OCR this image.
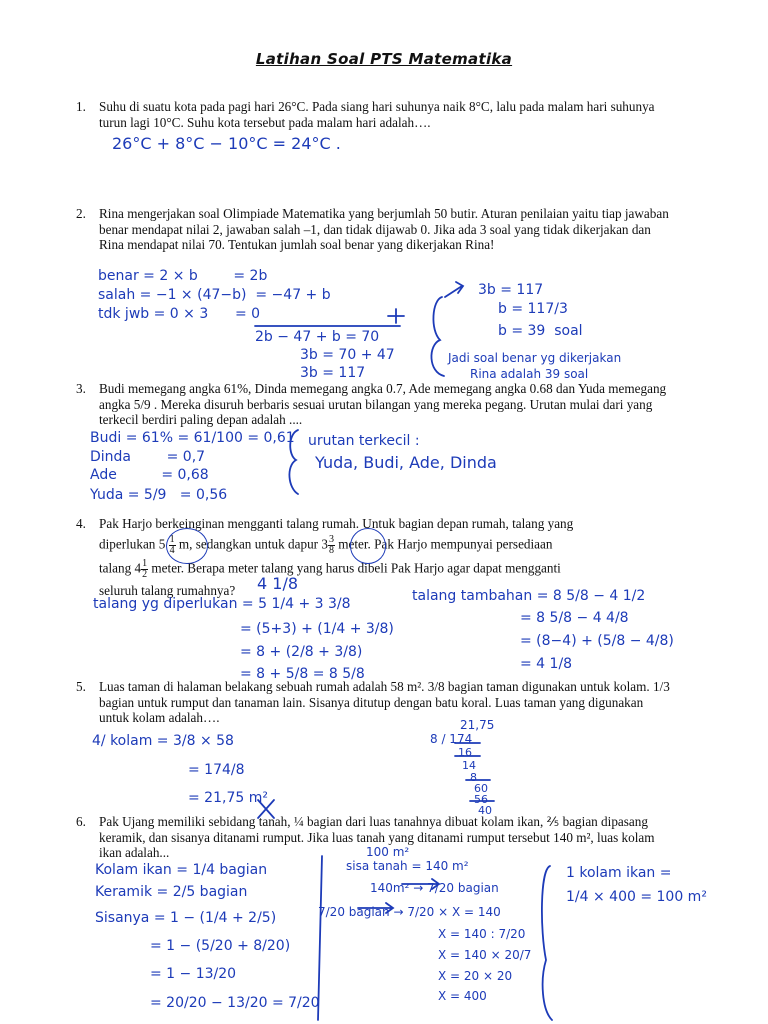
Latihan Soal PTS Matematika
1. Suhu di suatu kota pada pagi hari 26°C. Pada siang hari suhunya naik 8°C, lalu pada malam hari suhunya turun lagi 10°C. Suhu kota tersebut pada malam hari adalah….
26°C + 8°C − 10°C = 24°C .
2. Rina mengerjakan soal Olimpiade Matematika yang berjumlah 50 butir. Aturan penilaian yaitu tiap jawaban benar mendapat nilai 2, jawaban salah –1, dan tidak dijawab 0. Jika ada 3 soal yang tidak dikerjakan dan Rina mendapat nilai 70. Tentukan jumlah soal benar yang dikerjakan Rina!
benar = 2 × b        = 2b
salah = −1 × (47−b)  = −47 + b
tdk jwb = 0 × 3      = 0
2b − 47 + b = 70
3b = 70 + 47
3b = 117
3b = 117
b = 117/3
b = 39  soal
Jadi soal benar yg dikerjakan
Rina adalah 39 soal
3. Budi memegang angka 61%, Dinda memegang angka 0.7, Ade memegang angka 0.68 dan Yuda memegang angka 5/9 . Mereka disuruh berbaris sesuai urutan bilangan yang mereka pegang. Urutan mulai dari yang terkecil berdiri paling depan adalah ....
Budi = 61% = 61/100 = 0,61
Dinda        = 0,7
Ade          = 0,68
Yuda = 5/9   = 0,56
urutan terkecil :
Yuda, Budi, Ade, Dinda
4. Pak Harjo berkeinginan mengganti talang rumah. Untuk bagian depan rumah, talang yang
diperlukan $5 \frac{1}{4} m$, sedangkan untuk dapur $3 \frac{3}{8}$ meter. Pak Harjo mempunyai persediaan
talang $4 \frac{1}{2}$ meter. Berapa meter talang yang harus dibeli Pak Harjo agar dapat mengganti
seluruh talang rumahnya?	4 1/8
talang yg diperlukan = 5 1/4 + 3 3/8
= (5+3) + (1/4 + 3/8)
= 8 + (2/8 + 3/8)
= 8 + 5/8 = 8 5/8
talang tambahan = 8 5/8 − 4 1/2
= 8 5/8 − 4 4/8
= (8−4) + (5/8 − 4/8)
= 4 1/8
5. Luas taman di halaman belakang sebuah rumah adalah 58 m². 3/8 bagian taman digunakan untuk kolam. 1/3 bagian untuk rumput dan tanaman lain. Sisanya ditutup dengan batu koral. Luas taman yang digunakan untuk kolam adalah….
4/ kolam = 3/8 × 58
= 174/8
= 21,75 m²
21,75
8 / 174
16
14
8
60
56
40
6. Pak Ujang memiliki sebidang tanah, ¼ bagian dari luas tanahnya dibuat kolam ikan, ⅖ bagian dipasang keramik, dan sisanya ditanami rumput. Jika luas tanah yang ditanami rumput tersebut 140 m², luas kolam ikan adalah...	100 m²
Kolam ikan = 1/4 bagian
Keramik = 2/5 bagian
Sisanya = 1 − (1/4 + 2/5)
= 1 − (5/20 + 8/20)
= 1 − 13/20
= 20/20 − 13/20 = 7/20
sisa tanah = 140 m²
140m² → 7/20 bagian
7/20 bagian → 7/20 × X = 140
X = 140 : 7/20
X = 140 × 20/7
X = 20 × 20
X = 400
1 kolam ikan =
1/4 × 400 = 100 m²
